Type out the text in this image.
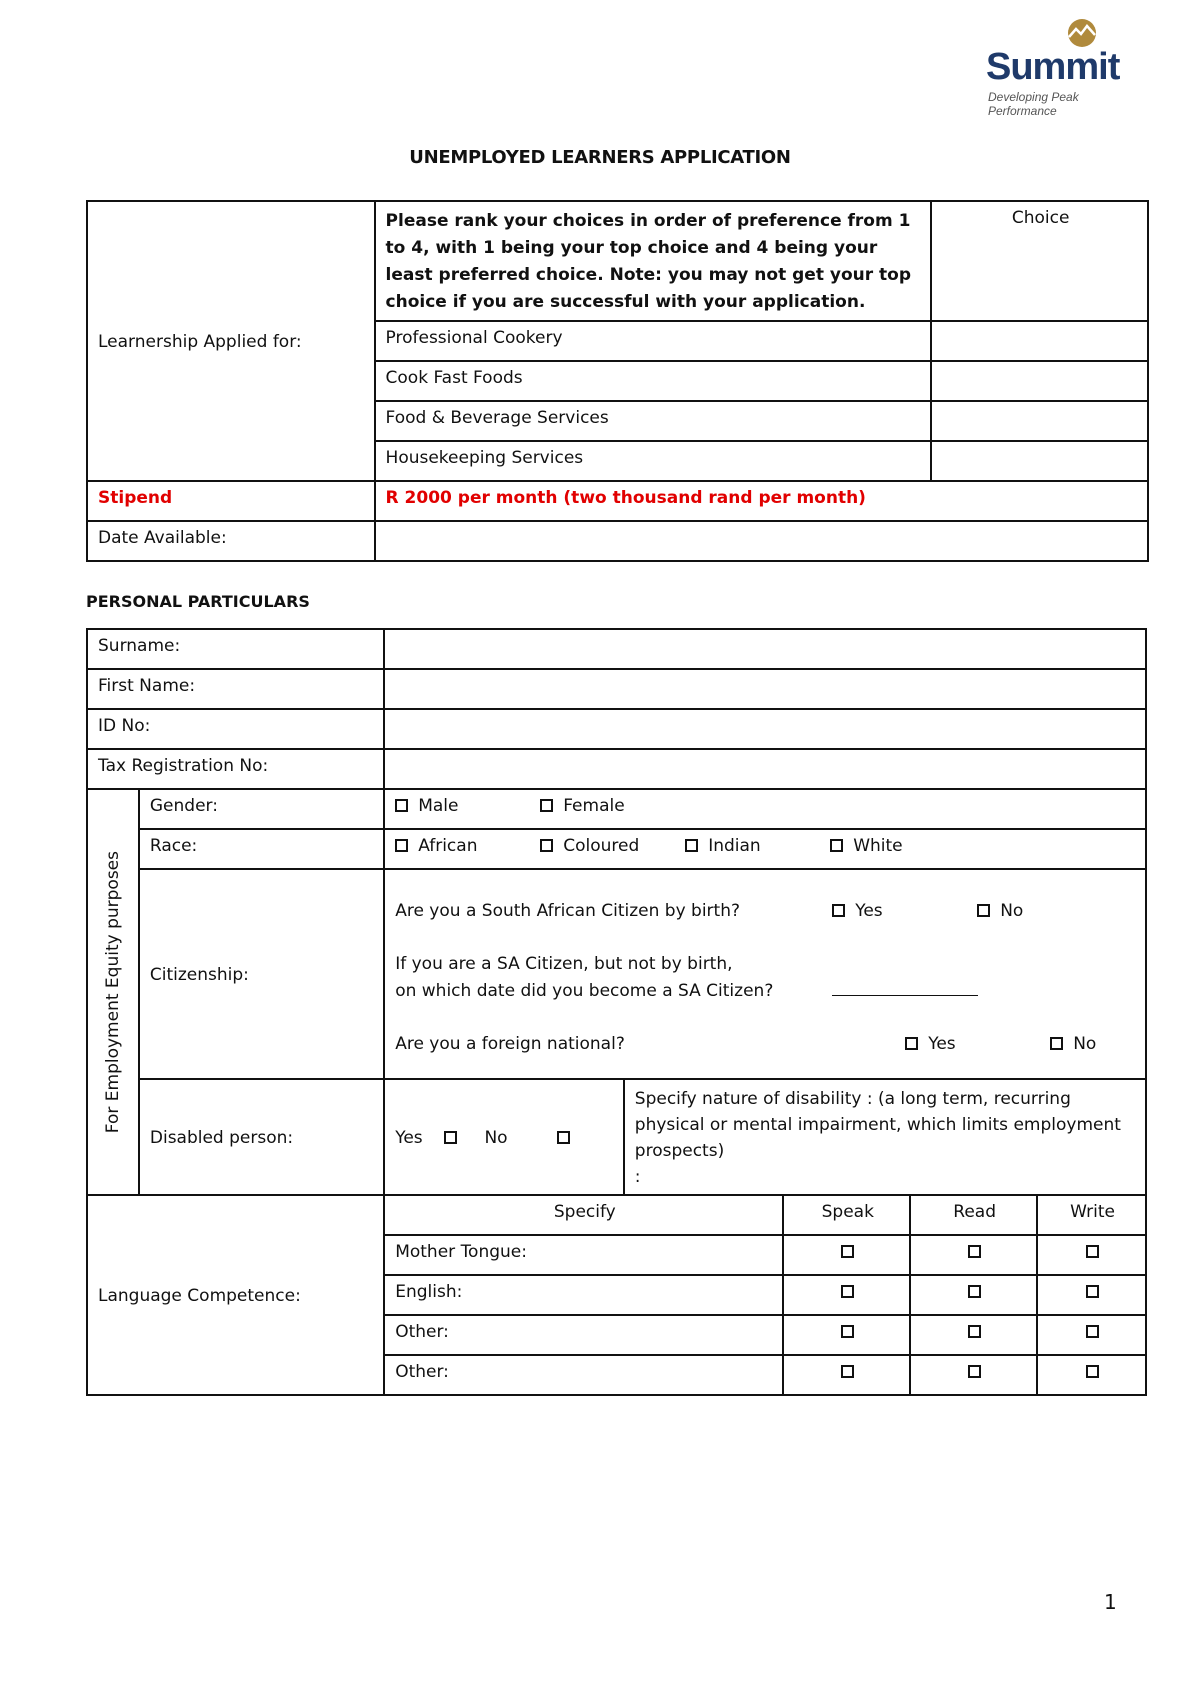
Summit
Developing Peak Performance
UNEMPLOYED LEARNERS APPLICATION
Learnership Applied for:	Please rank your choices in order of preference from 1 to 4, with 1 being your top choice and 4 being your least preferred choice. Note: you may not get your top choice if you are successful with your application.	Choice
	Professional Cookery	
	Cook Fast Foods	
	Food & Beverage Services	
	Housekeeping Services	
Stipend	R 2000 per month (two thousand rand per month)	
Date Available:		
PERSONAL PARTICULARS
Surname:						
First Name:						
ID No:						
Tax Registration No:						

For Employment Equity purposes	Gender:	Male Female				
	Race:	African Coloured Indian White				
	Citizenship:	Are you a South African Citizen by birth? Yes No
If you are a SA Citizen, but not by birth,
on which date did you become a SA Citizen?
Are you a foreign national? Yes No				

	Disabled person:	Yes No	Specify nature of disability : (a long term, recurring physical or mental impairment, which limits employment prospects)
:			

Language Competence:		Specify		Speak	Read	Write
		Mother Tongue:				
		English:				
		Other:				
		Other:				
1
